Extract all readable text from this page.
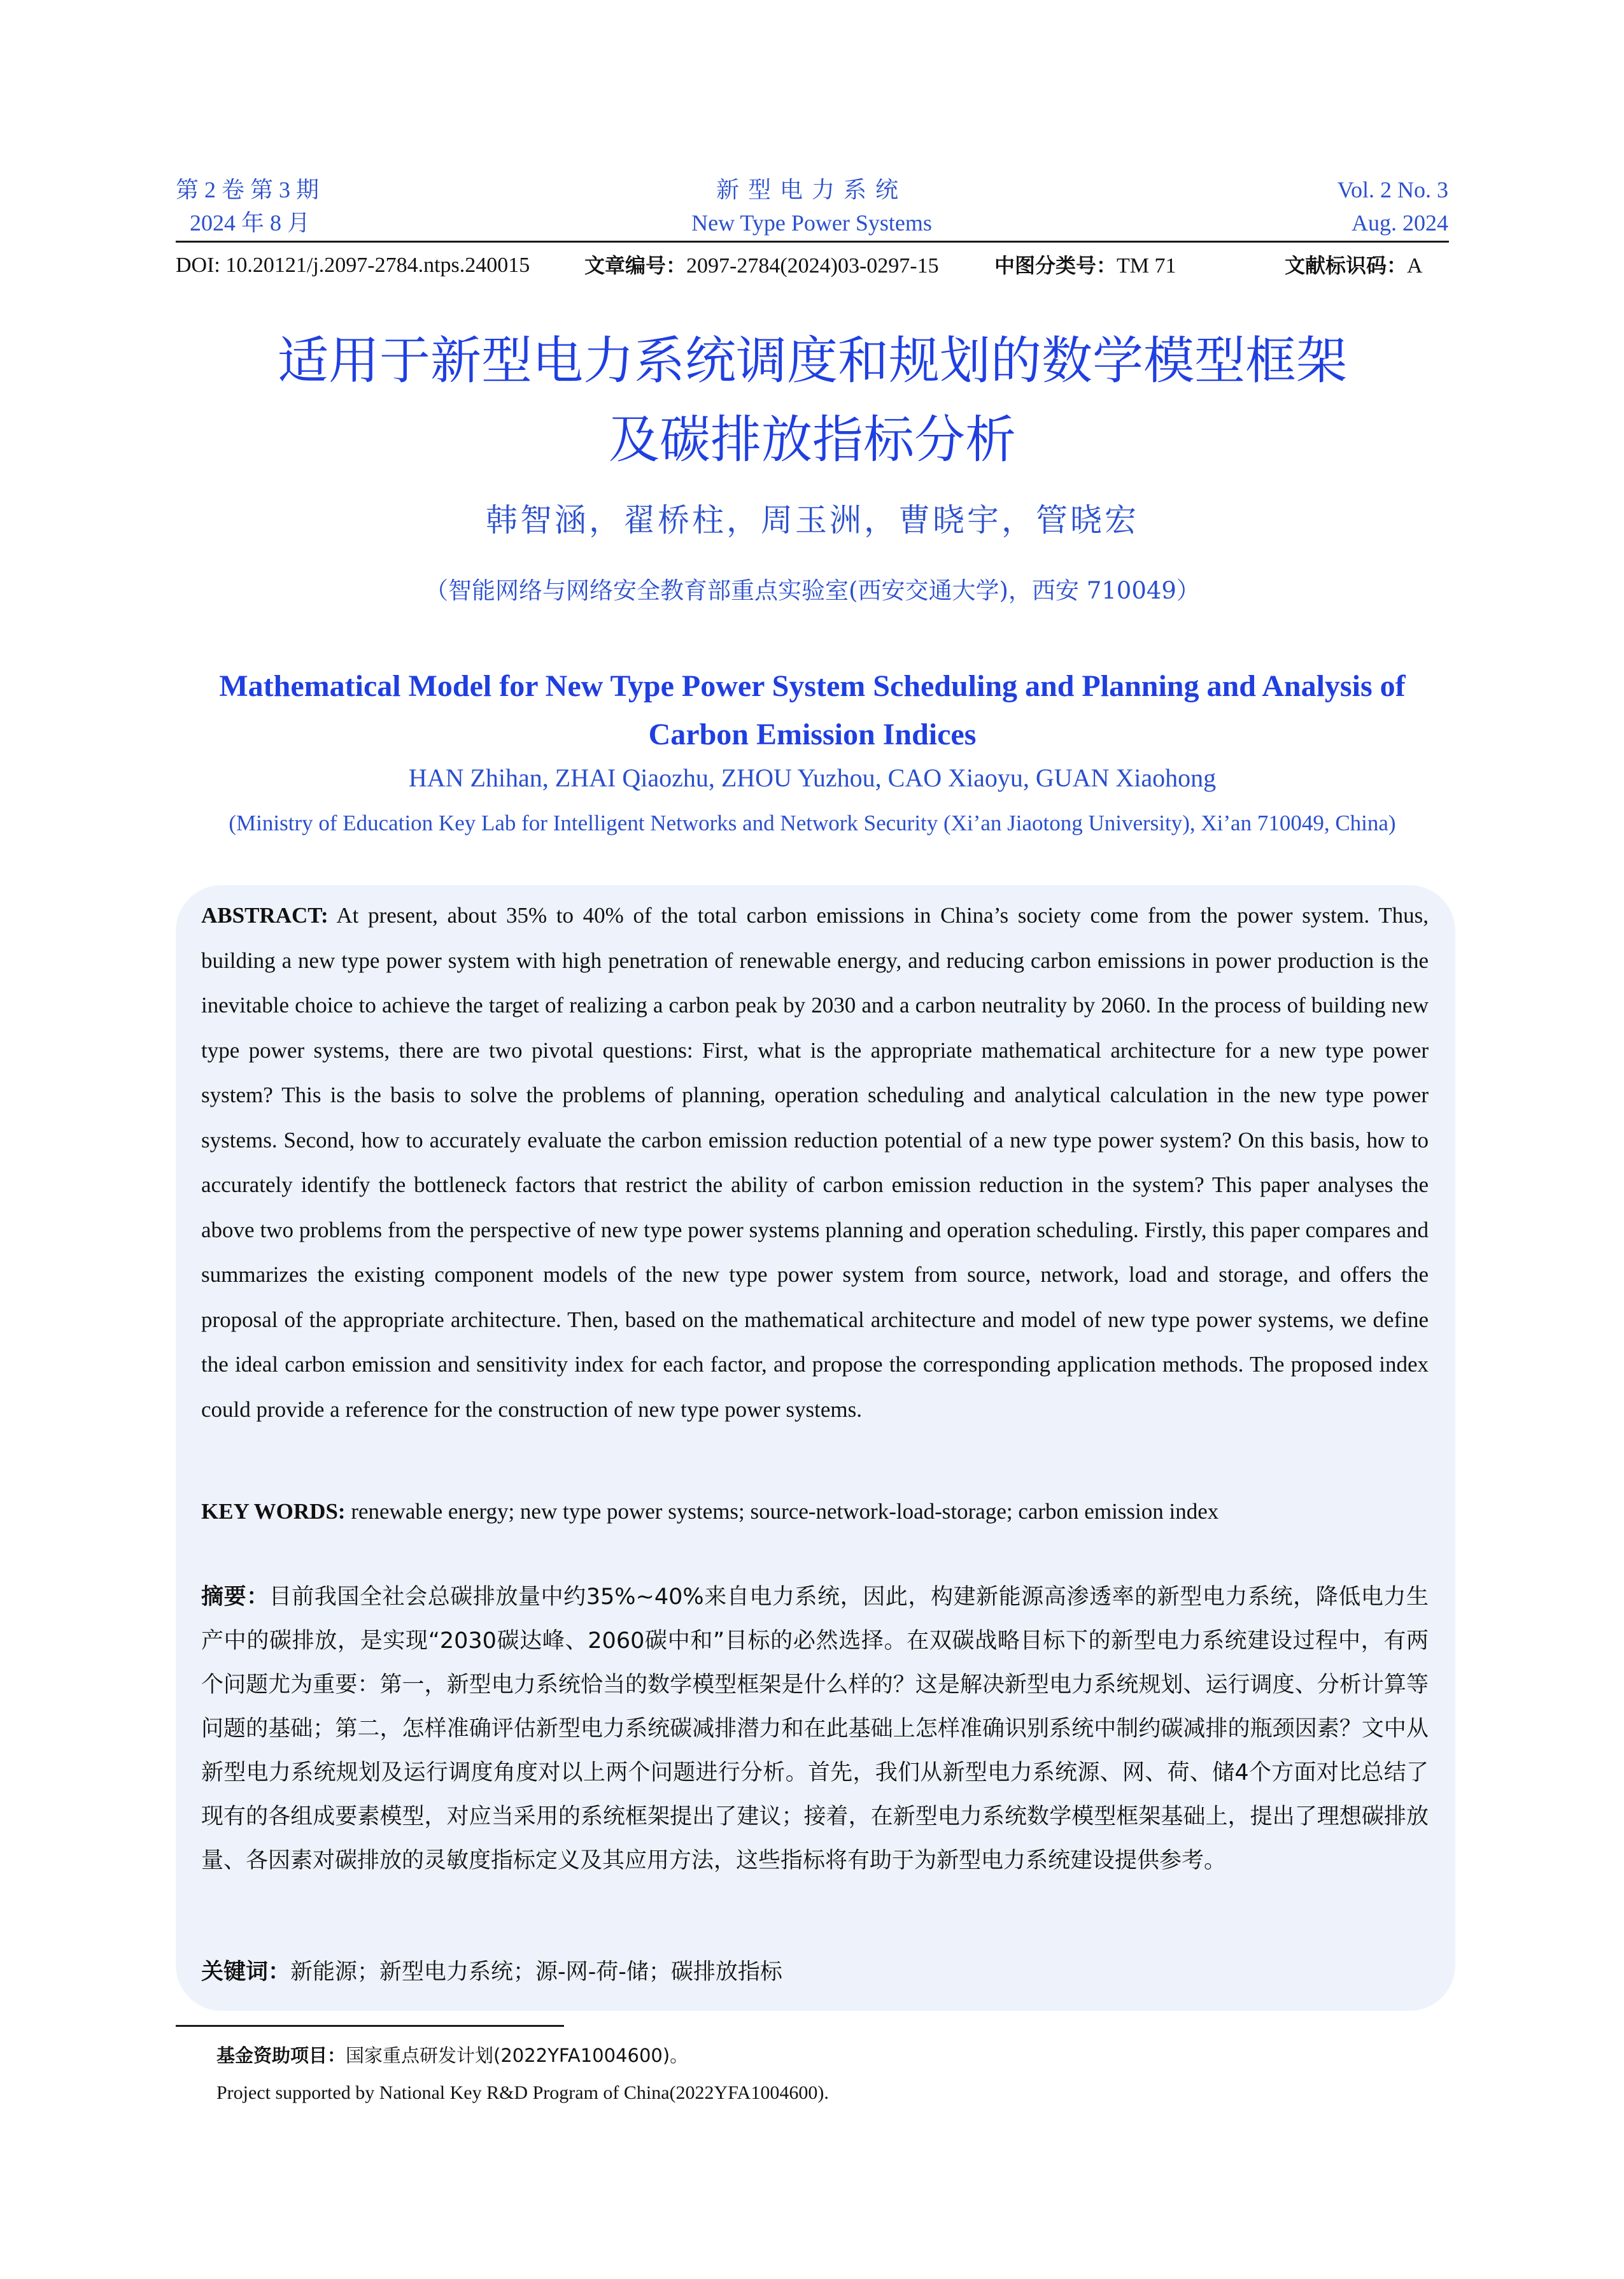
第 2 卷 第 3 期
2024 年 8 月
新型电力系统
New Type Power Systems
Vol. 2 No. 3
Aug. 2024
DOI: 10.20121/j.2097-2784.ntps.240015	文章编号：2097-2784(2024)03-0297-15	中图分类号：TM 71	文献标识码：A
适用于新型电力系统调度和规划的数学模型框架
及碳排放指标分析
韩智涵，翟桥柱，周玉洲，曹晓宇，管晓宏
（智能网络与网络安全教育部重点实验室(西安交通大学)，西安 710049）
Mathematical Model for New Type Power System Scheduling and Planning and Analysis of
Carbon Emission Indices
HAN Zhihan, ZHAI Qiaozhu, ZHOU Yuzhou, CAO Xiaoyu, GUAN Xiaohong
(Ministry of Education Key Lab for Intelligent Networks and Network Security (Xi’an Jiaotong University), Xi’an 710049, China)

ABSTRACT: At present, about 35% to 40% of the total carbon emissions in China’s society come from the power system. Thus, building a new type power system with high penetration of renewable energy, and reducing carbon emissions in power production is the inevitable choice to achieve the target of realizing a carbon peak by 2030 and a carbon neutrality by 2060. In the process of building new type power systems, there are two pivotal questions: First, what is the appropriate mathematical architecture for a new type power system? This is the basis to solve the problems of planning, operation scheduling and analytical calculation in the new type power systems. Second, how to accurately evaluate the carbon emission reduction potential of a new type power system? On this basis, how to accurately identify the bottleneck factors that restrict the ability of carbon emission reduction in the system? This paper analyses the above two problems from the perspective of new type power systems planning and operation scheduling. Firstly, this paper compares and summarizes the existing component models of the new type power system from source, network, load and storage, and offers the proposal of the appropriate architecture. Then, based on the mathematical architecture and model of new type power systems, we define the ideal carbon emission and sensitivity index for each factor, and propose the corresponding application methods. The proposed index could provide a reference for the construction of new type power systems.

KEY WORDS: renewable energy; new type power systems; source-network-load-storage; carbon emission index

摘要：目前我国全社会总碳排放量中约35%~40%来自电力系统，因此，构建新能源高渗透率的新型电力系统，降低电力生产中的碳排放，是实现“2030碳达峰、2060碳中和”目标的必然选择。在双碳战略目标下的新型电力系统建设过程中，有两个问题尤为重要：第一，新型电力系统恰当的数学模型框架是什么样的？这是解决新型电力系统规划、运行调度、分析计算等问题的基础；第二，怎样准确评估新型电力系统碳减排潜力和在此基础上怎样准确识别系统中制约碳减排的瓶颈因素？文中从新型电力系统规划及运行调度角度对以上两个问题进行分析。首先，我们从新型电力系统源、网、荷、储4个方面对比总结了现有的各组成要素模型，对应当采用的系统框架提出了建议；接着，在新型电力系统数学模型框架基础上，提出了理想碳排放量、各因素对碳排放的灵敏度指标定义及其应用方法，这些指标将有助于为新型电力系统建设提供参考。

关键词：新能源；新型电力系统；源-网-荷-储；碳排放指标

基金资助项目：国家重点研发计划(2022YFA1004600)。
Project supported by National Key R&D Program of China(2022YFA1004600).
